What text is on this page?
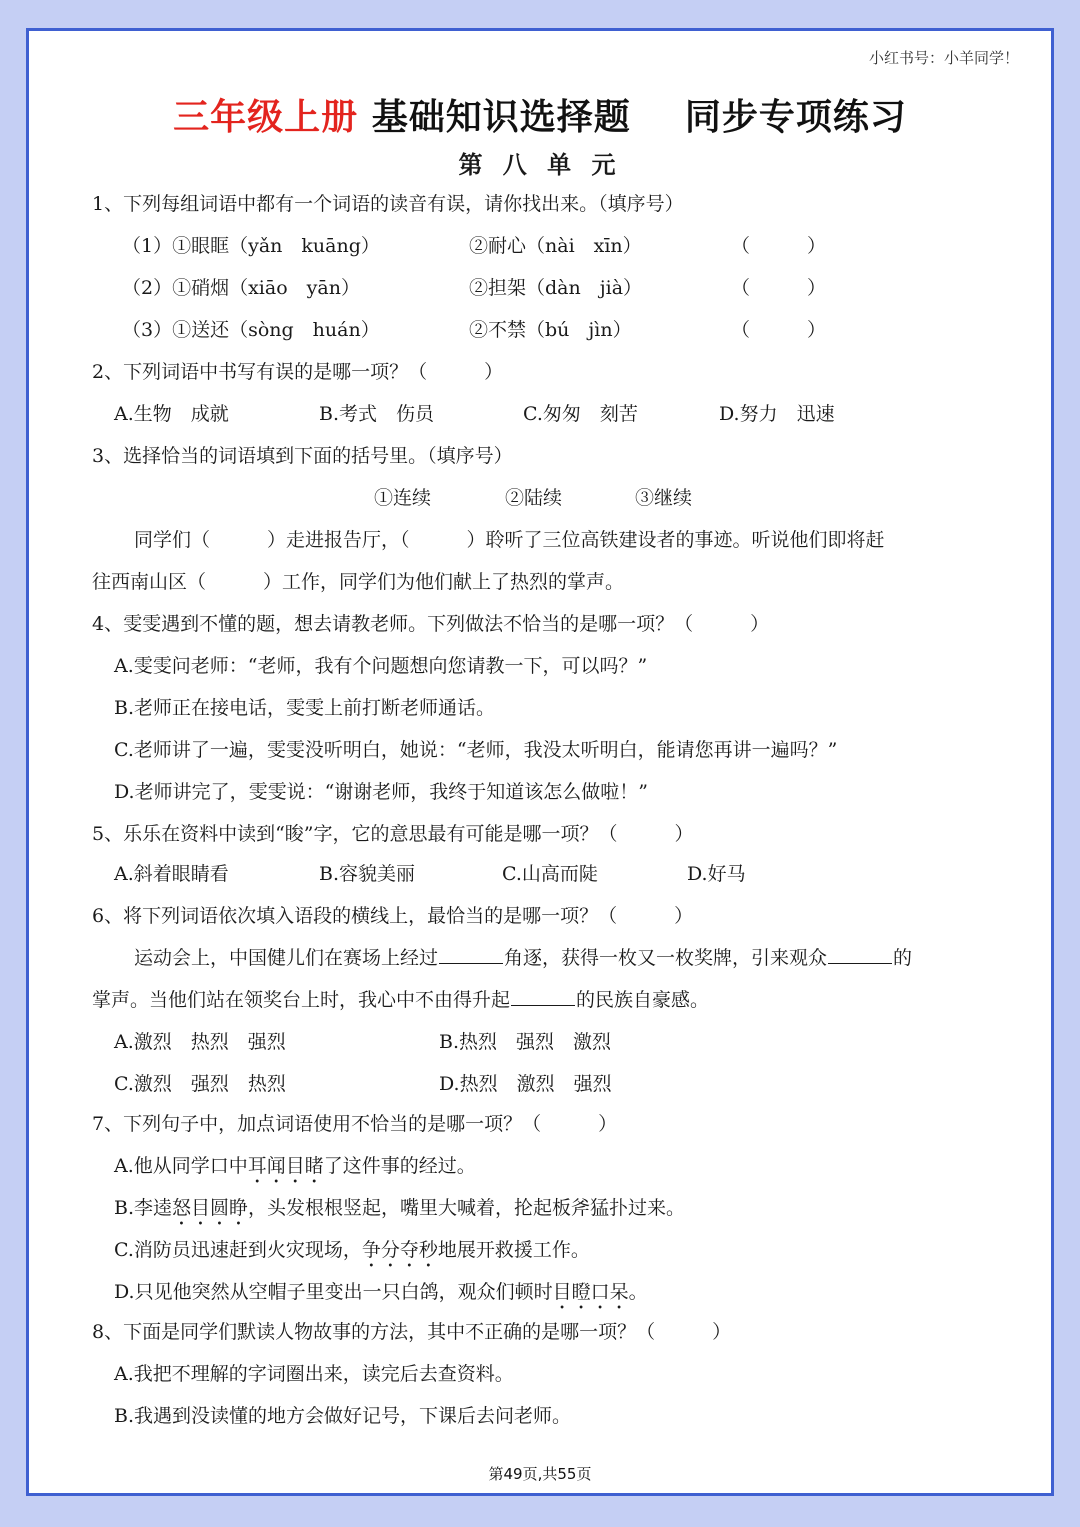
小红书号：小羊同学！
三年级上册 基础知识选择题 同步专项练习
第 八 单 元
1、下列每组词语中都有一个词语的读音有误，请你找出来。（填序号）
（1）①眼眶（yǎn　kuāng）	②耐心（nài　xīn）	（　　　）
（2）①硝烟（xiāo　yān）	②担架（dàn　jià）	（　　　）
（3）①送还（sòng　huán）	②不禁（bú　jìn）	（　　　）
2、下列词语中书写有误的是哪一项？（　　　）
A.生物　成就	B.考式　伤员	C.匆匆　刻苦	D.努力　迅速
3、选择恰当的词语填到下面的括号里。（填序号）
①连续	②陆续	③继续
同学们（　　　）走进报告厅，（　　　）聆听了三位高铁建设者的事迹。听说他们即将赶
往西南山区（　　　）工作，同学们为他们献上了热烈的掌声。
4、雯雯遇到不懂的题，想去请教老师。下列做法不恰当的是哪一项？（　　　）
A.雯雯问老师：“老师，我有个问题想向您请教一下，可以吗？”
B.老师正在接电话，雯雯上前打断老师通话。
C.老师讲了一遍，雯雯没听明白，她说：“老师，我没太听明白，能请您再讲一遍吗？”
D.老师讲完了，雯雯说：“谢谢老师，我终于知道该怎么做啦！”
5、乐乐在资料中读到“睃”字，它的意思最有可能是哪一项？（　　　）
A.斜着眼睛看	B.容貌美丽	C.山高而陡	D.好马
6、将下列词语依次填入语段的横线上，最恰当的是哪一项？（　　　）
运动会上，中国健儿们在赛场上经过	角逐，获得一枚又一枚奖牌，引来观众	的
掌声。当他们站在领奖台上时，我心中不由得升起	的民族自豪感。
A.激烈　热烈　强烈	B.热烈　强烈　激烈
C.激烈　强烈　热烈	D.热烈　激烈　强烈
7、下列句子中，加点词语使用不恰当的是哪一项？（　　　）
A.他从同学口中耳闻目睹了这件事的经过。
B.李逵怒目圆睁，头发根根竖起，嘴里大喊着，抡起板斧猛扑过来。
C.消防员迅速赶到火灾现场，争分夺秒地展开救援工作。
D.只见他突然从空帽子里变出一只白鸽，观众们顿时目瞪口呆。
8、下面是同学们默读人物故事的方法，其中不正确的是哪一项？（　　　）
A.我把不理解的字词圈出来，读完后去查资料。
B.我遇到没读懂的地方会做好记号，下课后去问老师。
第49页,共55页
